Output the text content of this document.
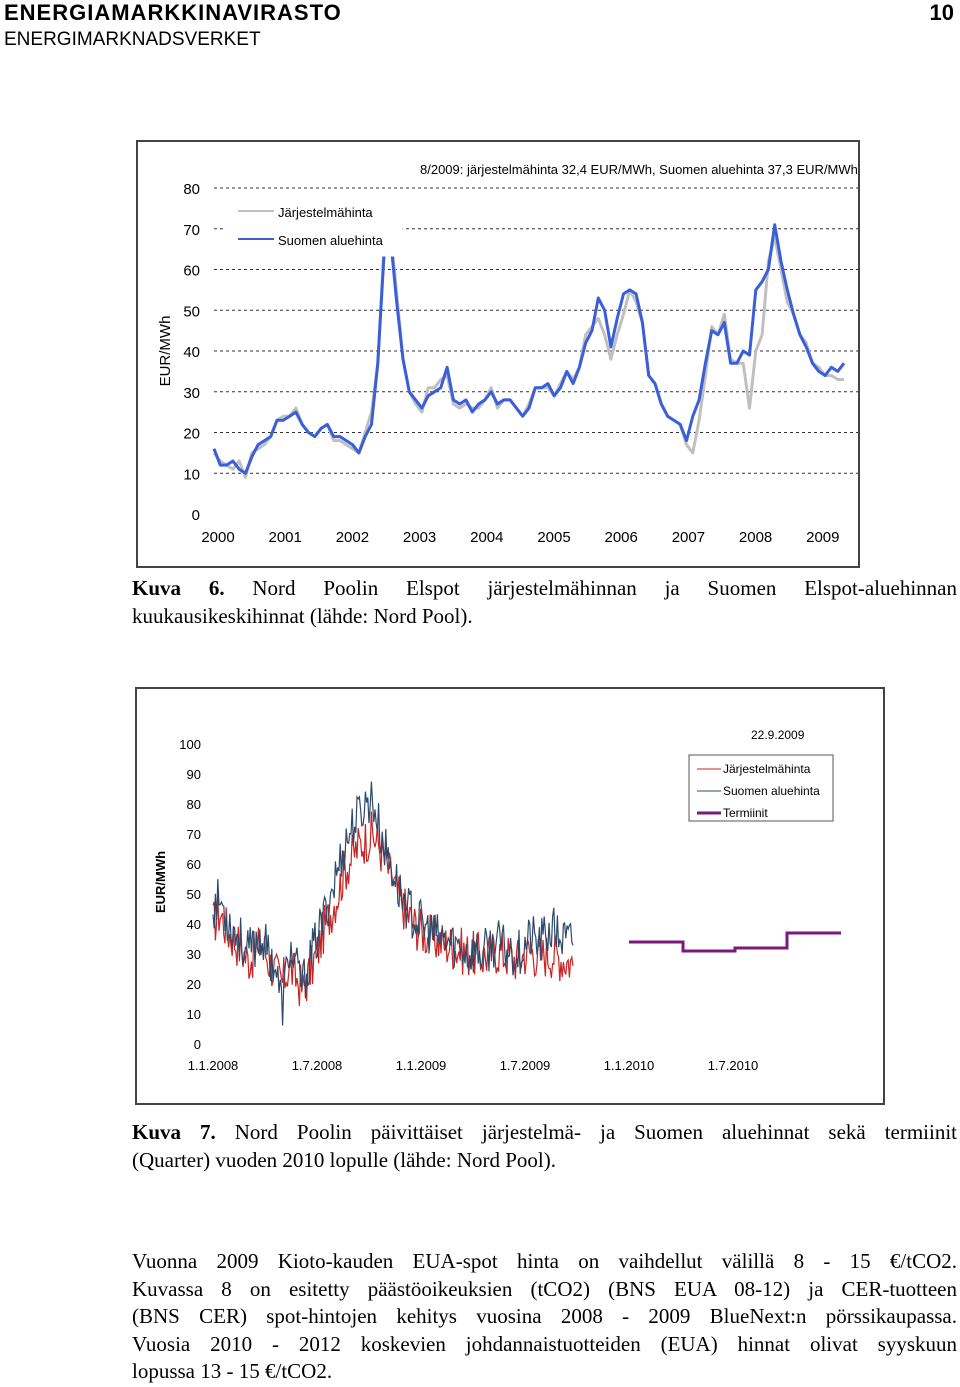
ENERGIAMARKKINAVIRASTO	10
ENERGIMARKNADSVERKET
0
10
20
30
40
50
60
70
80
EUR/MWh
2000 2001 2002 2003 2004 2005 2006 2007 2008 2009
8/2009: järjestelmähinta 32,4 EUR/MWh, Suomen aluehinta 37,3 EUR/MWh
Järjestelmähinta
Suomen aluehinta
Kuva 6. Nord Poolin Elspot järjestelmähinnan ja Suomen Elspot-aluehinnan
kuukausikeskihinnat (lähde: Nord Pool).
0
10
20
30
40
50
60
70
80
90
100
EUR/MWh
1.1.2008	1.7.2008	1.1.2009	1.7.2009	1.1.2010	1.7.2010
22.9.2009
Järjestelmähinta
Suomen aluehinta
Termiinit
Kuva 7. Nord Poolin päivittäiset järjestelmä- ja Suomen aluehinnat sekä termiinit
(Quarter) vuoden 2010 lopulle (lähde: Nord Pool).
Vuonna 2009 Kioto-kauden EUA-spot hinta on vaihdellut välillä 8 - 15 €/tCO2.
Kuvassa 8 on esitetty päästöoikeuksien (tCO2) (BNS EUA 08-12) ja CER-tuotteen
(BNS CER) spot-hintojen kehitys vuosina 2008 - 2009 BlueNext:n pörssikaupassa.
Vuosia 2010 - 2012 koskevien johdannaistuotteiden (EUA) hinnat olivat syyskuun
lopussa 13 - 15 €/tCO2.
